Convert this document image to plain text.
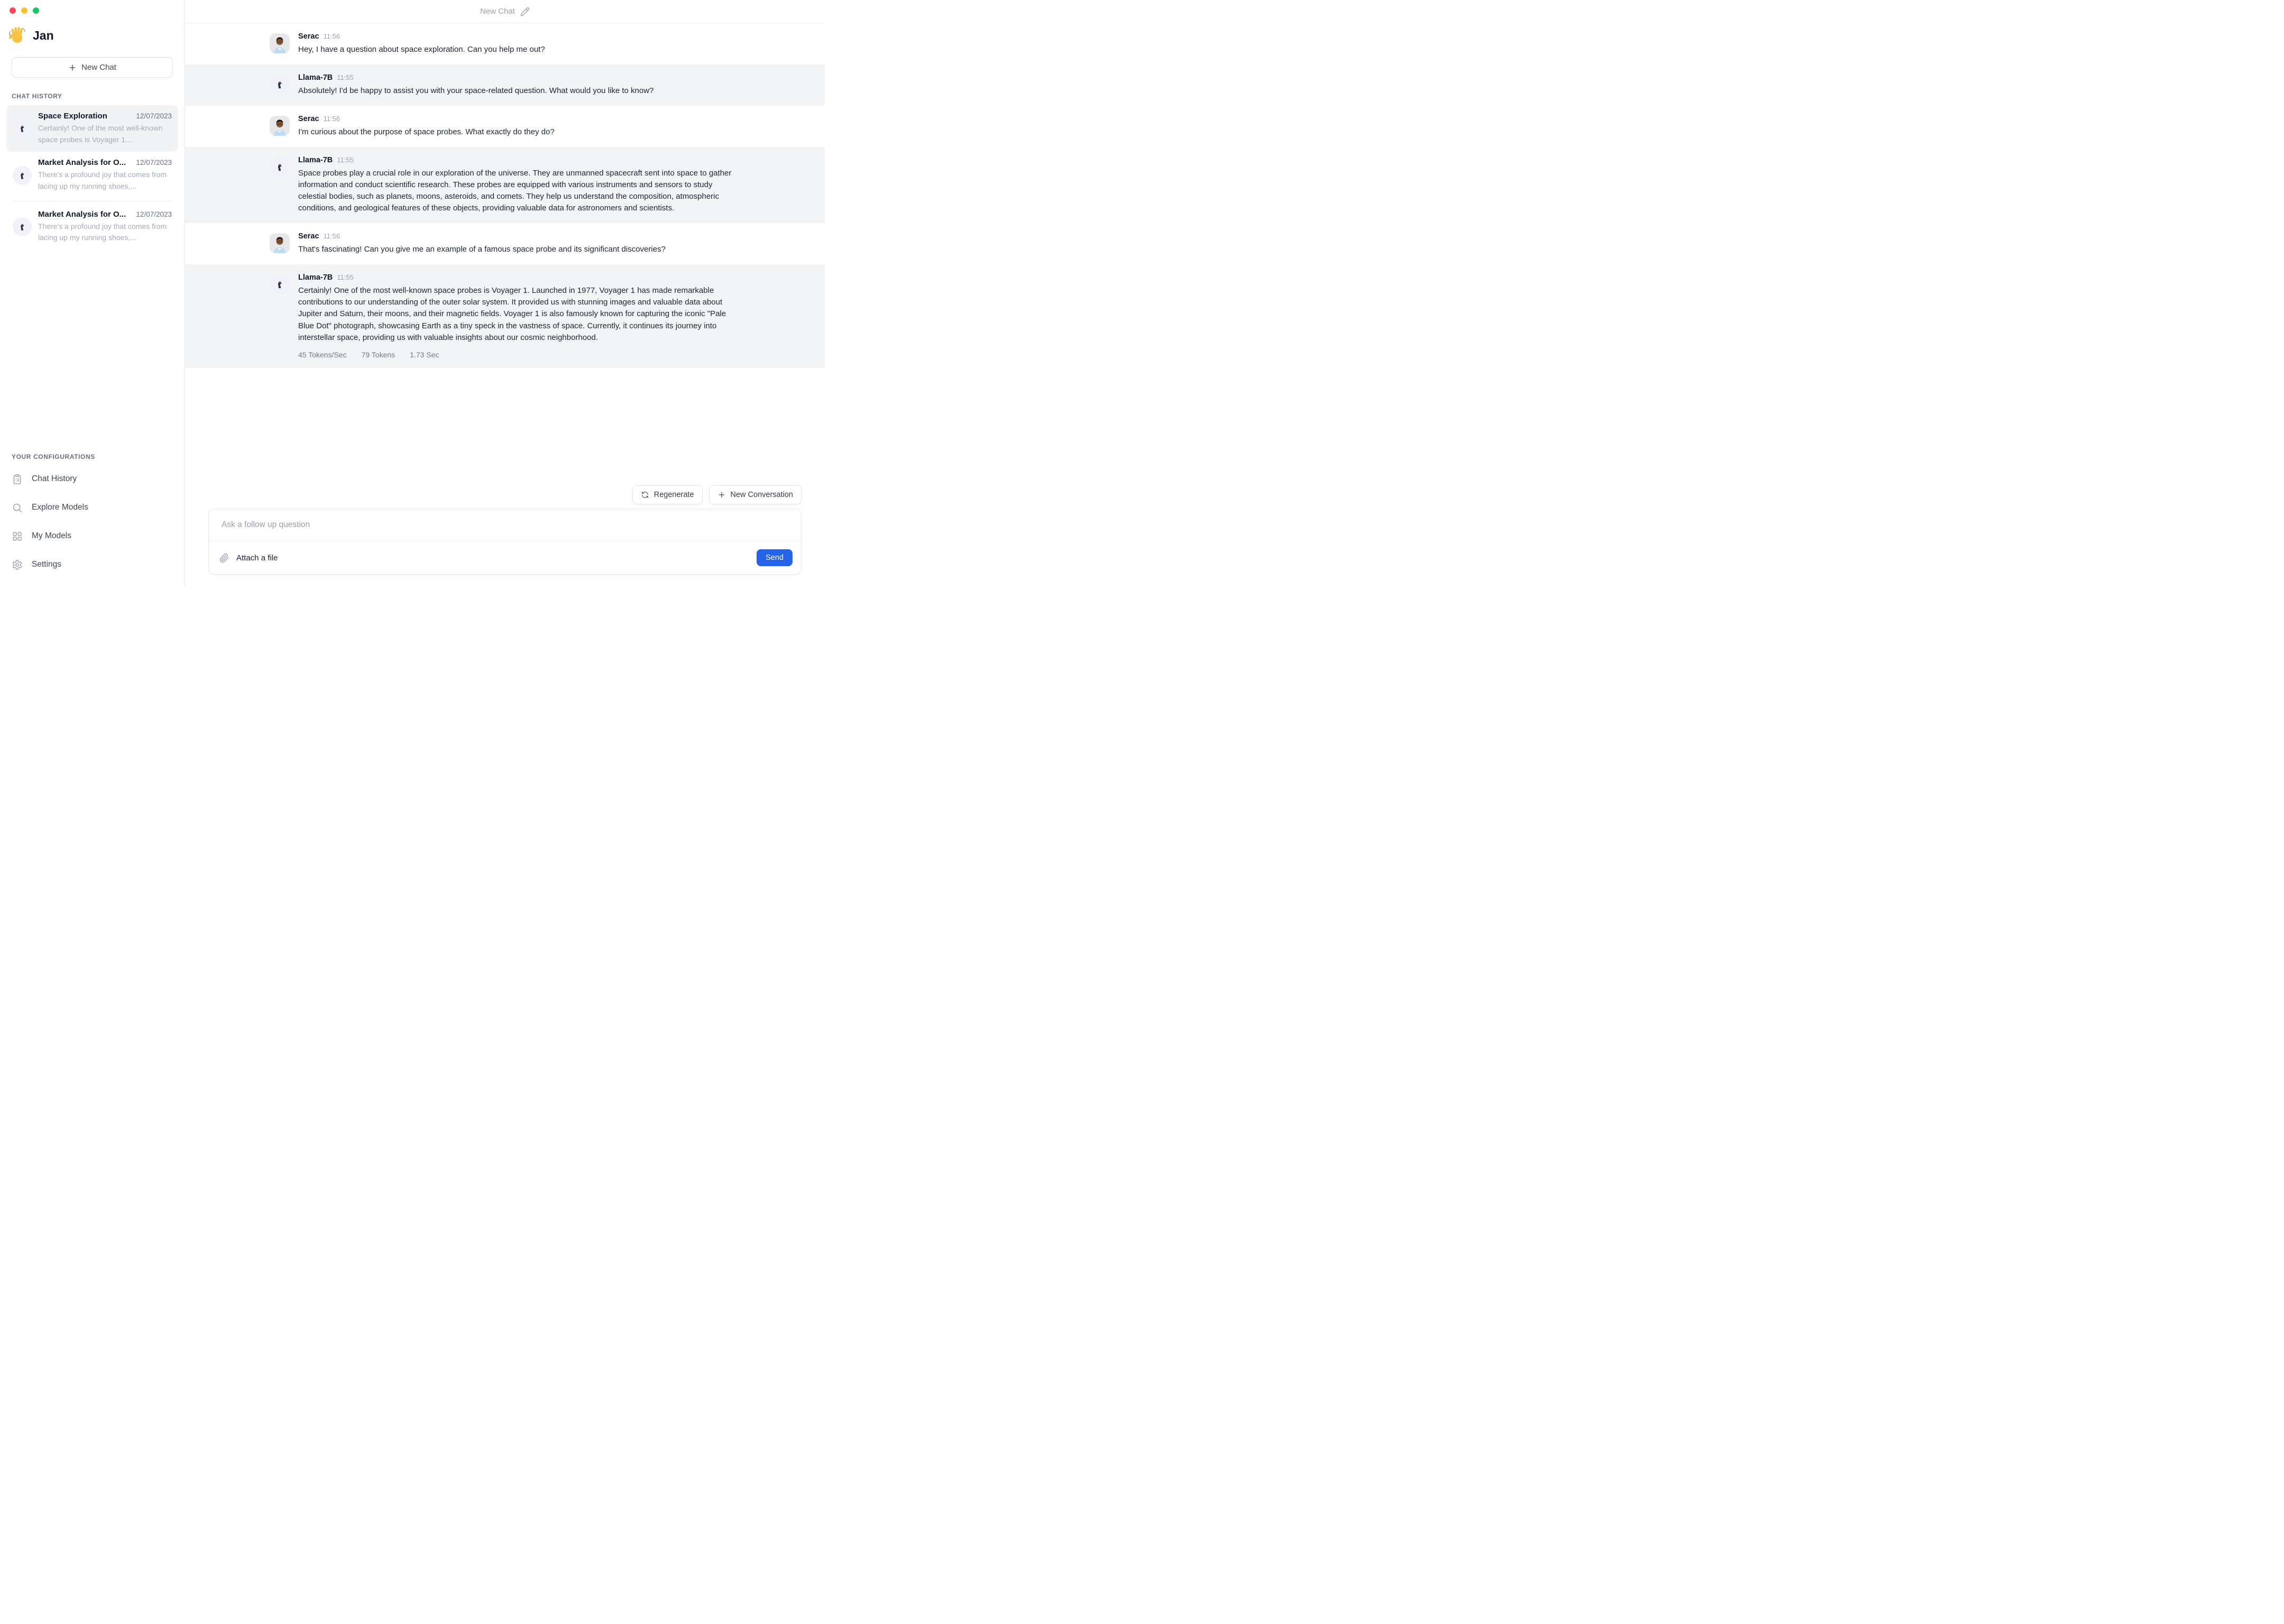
Jan
New Chat
CHAT HISTORY
Space Exploration	12/07/2023
Certainly! One of the most well-known space probes is Voyager 1....
Market Analysis for O... 12/07/2023
There's a profound joy that comes from lacing up my running shoes,...
Market Analysis for O... 12/07/2023
There's a profound joy that comes from lacing up my running shoes,...
YOUR CONFIGURATIONS
Chat History
Explore Models
My Models
Settings
New Chat
Serac 11:56
Hey, I have a question about space exploration. Can you help me out?
Llama-7B 11:55
Absolutely! I'd be happy to assist you with your space-related question. What would you like to know?
Serac 11:56
I'm curious about the purpose of space probes. What exactly do they do?
Llama-7B 11:55
Space probes play a crucial role in our exploration of the universe. They are unmanned spacecraft sent into space to gather information and conduct scientific research. These probes are equipped with various instruments and sensors to study celestial bodies, such as planets, moons, asteroids, and comets. They help us understand the composition, atmospheric conditions, and geological features of these objects, providing valuable data for astronomers and scientists.
Serac 11:56
That's fascinating! Can you give me an example of a famous space probe and its significant discoveries?
Llama-7B 11:55
Certainly! One of the most well-known space probes is Voyager 1. Launched in 1977, Voyager 1 has made remarkable contributions to our understanding of the outer solar system. It provided us with stunning images and valuable data about Jupiter and Saturn, their moons, and their magnetic fields. Voyager 1 is also famously known for capturing the iconic "Pale Blue Dot" photograph, showcasing Earth as a tiny speck in the vastness of space. Currently, it continues its journey into interstellar space, providing us with valuable insights about our cosmic neighborhood.
45 Tokens/Sec 79 Tokens 1.73 Sec
Regenerate	New Conversation
Ask a follow up question
Attach a file	Send
